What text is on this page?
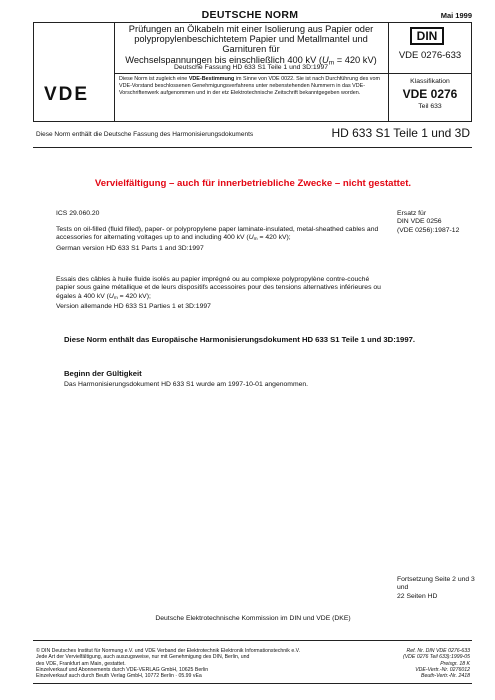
DEUTSCHE NORM	Mai 1999
Prüfungen an Ölkabeln mit einer Isolierung aus Papier oder
polypropylenbeschichtetem Papier und Metallmantel und Garnituren für
Wechselspannungen bis einschließlich 400 kV ($U_m = 420$ kV)
Deutsche Fassung HD 633 S1 Teile 1 und 3D:1997
DIN
VDE 0276-633
VDE
Diese Norm ist zugleich eine VDE-Bestimmung im Sinne von VDE 0022. Sie ist nach Durchführung des vom VDE-Vorstand beschlossenen Genehmigungsverfahrens unter nebenstehenden Nummern in das VDE-Vorschriftenwerk aufgenommen und in der etz Elektrotechnische Zeitschrift bekanntgegeben worden.
Klassifikation
VDE 0276
Teil 633
Diese Norm enthält die Deutsche Fassung des Harmonisierungsdokuments	HD 633 S1 Teile 1 und 3D
Vervielfältigung – auch für innerbetriebliche Zwecke – nicht gestattet.
ICS 29.060.20	Ersatz für
DIN VDE 0256
(VDE 0256):1987-12
Tests on oil-filled (fluid filled), paper- or polypropylene paper laminate-insulated, metal-sheathed cables and accessories for alternating voltages up to and including 400 kV ($U_m = 420$ kV);
German version HD 633 S1 Parts 1 and 3D:1997
Essais des câbles à huile fluide isolés au papier imprégné ou au complexe polypropylène contre-couché papier sous gaine métallique et de leurs dispositifs accessoires pour des tensions alternatives inférieures ou égales à 400 kV ($U_m = 420$ kV);
Version allemande HD 633 S1 Parties 1 et 3D:1997
Diese Norm enthält das Europäische Harmonisierungsdokument HD 633 S1 Teile 1 und 3D:1997.
Beginn der Gültigkeit
Das Harmonisierungsdokument HD 633 S1 wurde am 1997-10-01 angenommen.
Fortsetzung Seite 2 und 3 und
22 Seiten HD
Deutsche Elektrotechnische Kommission im DIN und VDE (DKE)
© DIN Deutsches Institut für Normung e.V. und VDE Verband der Elektrotechnik Elektronik Informationstechnik e.V.
Jede Art der Vervielfältigung, auch auszugsweise, nur mit Genehmigung des DIN, Berlin, und
des VDE, Frankfurt am Main, gestattet.
Einzelverkauf und Abonnements durch VDE-VERLAG GmbH, 10625 Berlin
Einzelverkauf auch durch Beuth Verlag GmbH, 10772 Berlin · 05.99 vEa
Ref. Nr. DIN VDE 0276-633
(VDE 0276 Teil 633):1999-05
Preisgr. 18 K
VDE-Vertr.-Nr. 0276012
Beuth-Vertr.-Nr. 2418
